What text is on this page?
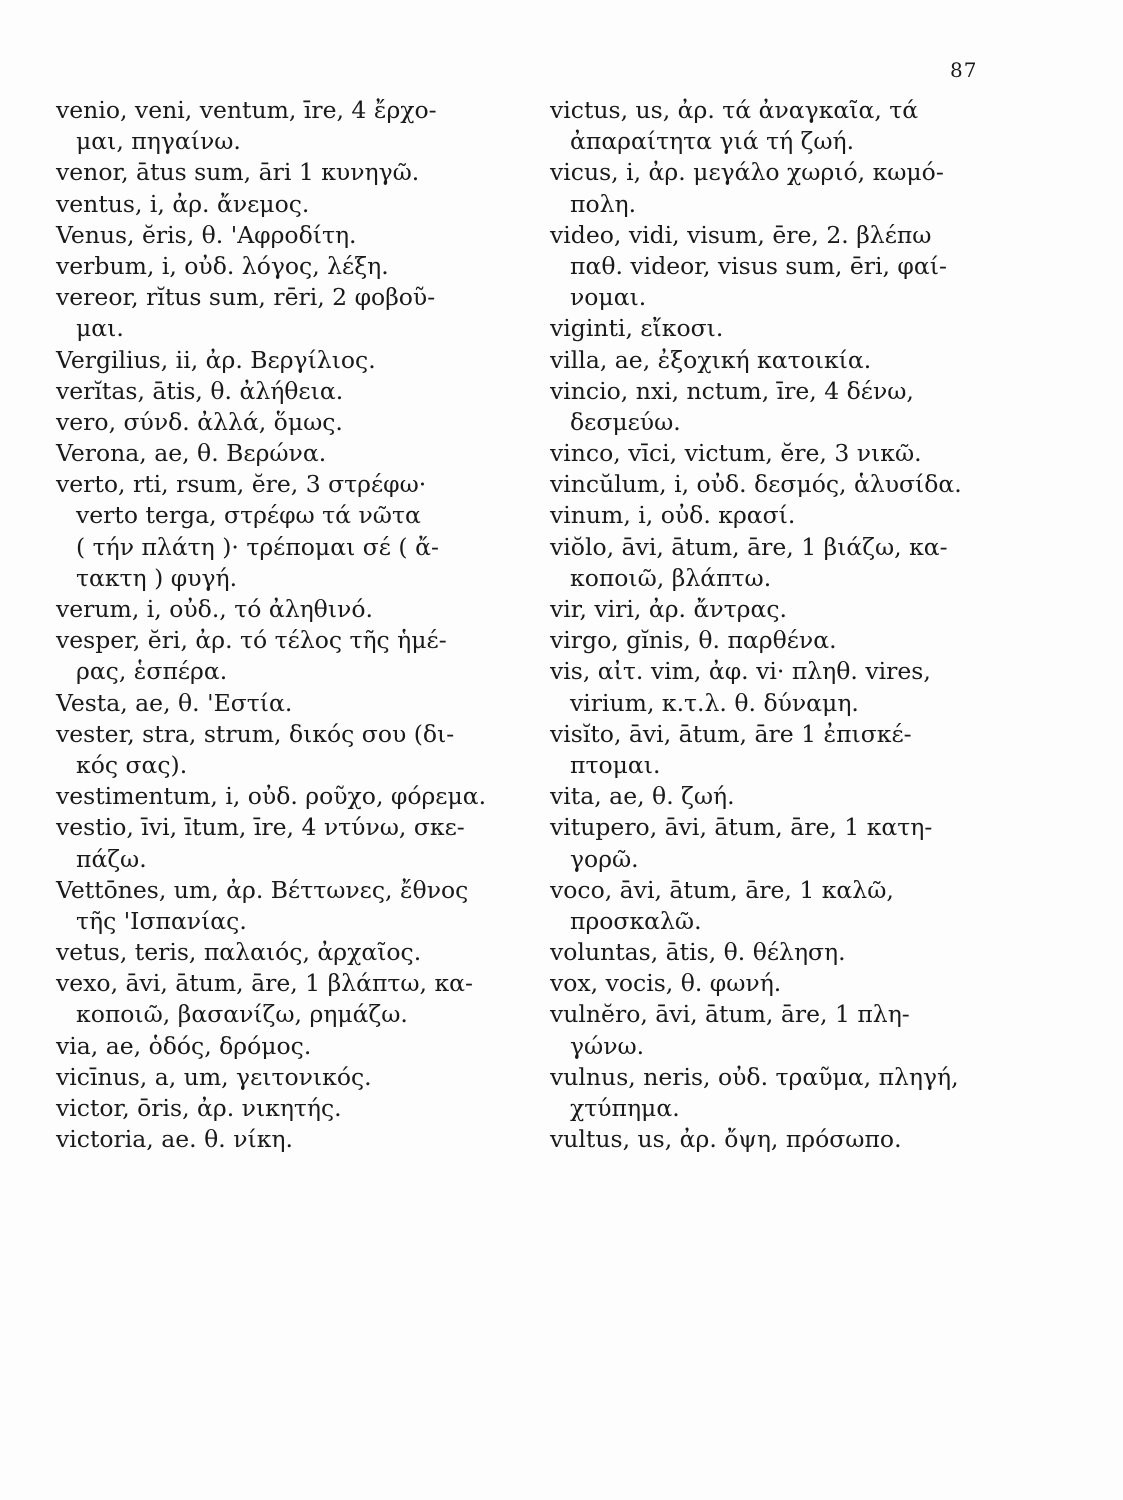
87
venio, veni, ventum, īre, 4 ἔρχο-
μαι, πηγαίνω.
venor, ātus sum, āri 1 κυνηγῶ.
ventus, i, ἀρ. ἄνεμος.
Venus, ĕris, θ. 'Αφροδίτη.
verbum, i, οὐδ. λόγος, λέξη.
vereor, rĭtus sum, rēri, 2 φοβοῦ-
μαι.
Vergilius, ii, ἀρ. Βεργίλιος.
verĭtas, ātis, θ. ἀλήθεια.
vero, σύνδ. ἀλλά, ὅμως.
Verona, ae, θ. Βερώνα.
verto, rti, rsum, ĕre, 3 στρέφω·
verto terga, στρέφω τά νῶτα
( τήν πλάτη )· τρέπομαι σέ ( ἄ-
τακτη ) φυγή.
verum, i, οὐδ., τό ἀληθινό.
vesper, ĕri, ἀρ. τό τέλος τῆς ἡμέ-
ρας, ἑσπέρα.
Vesta, ae, θ. 'Εστία.
vester, stra, strum, δικός σου (δι-
κός σας).
vestimentum, i, οὐδ. ροῦχο, φόρεμα.
vestio, īvi, ītum, īre, 4 ντύνω, σκε-
πάζω.
Vettōnes, um, ἀρ. Βέττωνες, ἔθνος
τῆς 'Ισπανίας.
vetus, teris, παλαιός, ἀρχαῖος.
vexo, āvi, ātum, āre, 1 βλάπτω, κα-
κοποιῶ, βασανίζω, ρημάζω.
via, ae, ὁδός, δρόμος.
vicīnus, a, um, γειτονικός.
victor, ōris, ἀρ. νικητής.
victoria, ae. θ. νίκη.
victus, us, ἀρ. τά ἀναγκαῖα, τά
ἀπαραίτητα γιά τή ζωή.
vicus, i, ἀρ. μεγάλο χωριό, κωμό-
πολη.
video, vidi, visum, ēre, 2. βλέπω
παθ. videor, visus sum, ēri, φαί-
νομαι.
viginti, εἴκοσι.
villa, ae, ἐξοχική κατοικία.
vincio, nxi, nctum, īre, 4 δένω,
δεσμεύω.
vinco, vīci, victum, ĕre, 3 νικῶ.
vincŭlum, i, οὐδ. δεσμός, ἁλυσίδα.
vinum, i, οὐδ. κρασί.
viŏlo, āvi, ātum, āre, 1 βιάζω, κα-
κοποιῶ, βλάπτω.
vir, viri, ἀρ. ἄντρας.
virgo, gĭnis, θ. παρθένα.
vis, αἰτ. vim, ἀφ. vi· πληθ. vires,
virium, κ.τ.λ. θ. δύναμη.
visĭto, āvi, ātum, āre 1 ἐπισκέ-
πτομαι.
vita, ae, θ. ζωή.
vitupero, āvi, ātum, āre, 1 κατη-
γορῶ.
voco, āvi, ātum, āre, 1 καλῶ,
προσκαλῶ.
voluntas, ātis, θ. θέληση.
vox, vocis, θ. φωνή.
vulnĕro, āvi, ātum, āre, 1 πλη-
γώνω.
vulnus, neris, οὐδ. τραῦμα, πληγή,
χτύπημα.
vultus, us, ἀρ. ὄψη, πρόσωπο.
